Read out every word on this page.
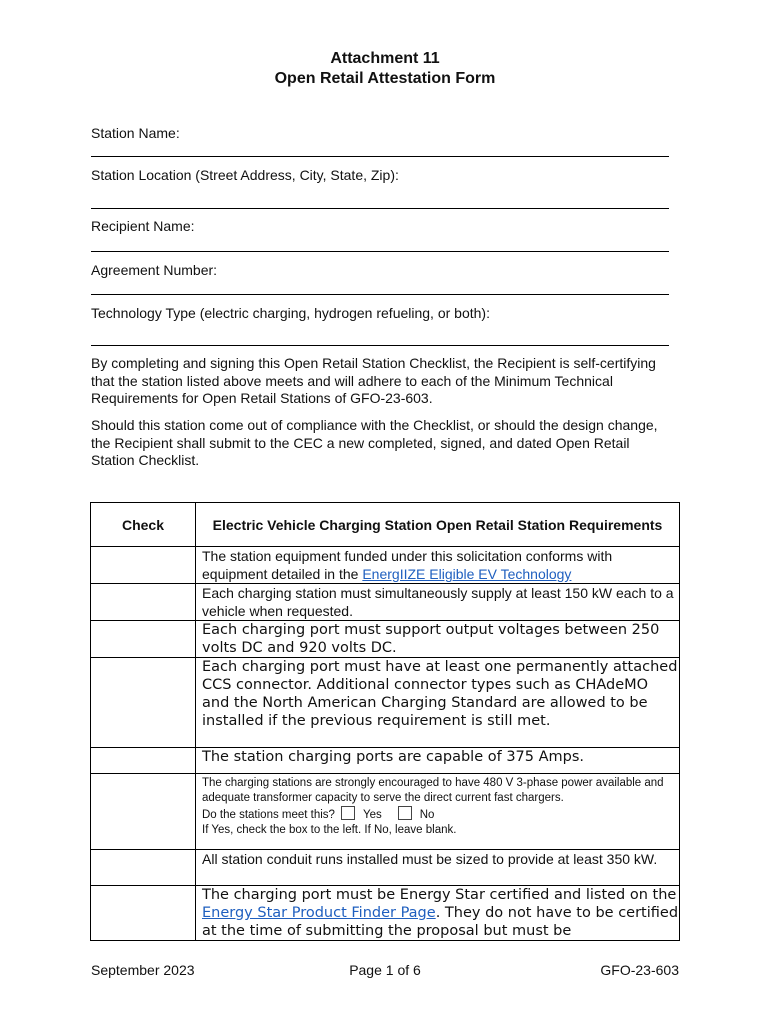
Attachment 11
Open Retail Attestation Form
Station Name:
Station Location (Street Address, City, State, Zip):
Recipient Name:
Agreement Number:
Technology Type (electric charging, hydrogen refueling, or both):
By completing and signing this Open Retail Station Checklist, the Recipient is self-certifying that the station listed above meets and will adhere to each of the Minimum Technical Requirements for Open Retail Stations of GFO-23-603.
Should this station come out of compliance with the Checklist, or should the design change, the Recipient shall submit to the CEC a new completed, signed, and dated Open Retail Station Checklist.
Check	Electric Vehicle Charging Station Open Retail Station Requirements
	The station equipment funded under this solicitation conforms with equipment detailed in the EnergIIZE Eligible EV Technology
	Each charging station must simultaneously supply at least 150 kW each to a vehicle when requested.
	Each charging port must support output voltages between 250 volts DC and 920 volts DC.
	Each charging port must have at least one permanently attached CCS connector. Additional connector types such as CHAdeMO and the North American Charging Standard are allowed to be installed if the previous requirement is still met.
	The station charging ports are capable of 375 Amps.

	The charging stations are strongly encouraged to have 480 V 3-phase power available and adequate transformer capacity to serve the direct current fast chargers.
Do the stations meet this? Yes No
If Yes, check the box to the left. If No, leave blank.

	All station conduit runs installed must be sized to provide at least 350 kW.
	The charging port must be Energy Star certified and listed on the Energy Star Product Finder Page. They do not have to be certified at the time of submitting the proposal but must be
September 2023	Page 1 of 6	GFO-23-603
